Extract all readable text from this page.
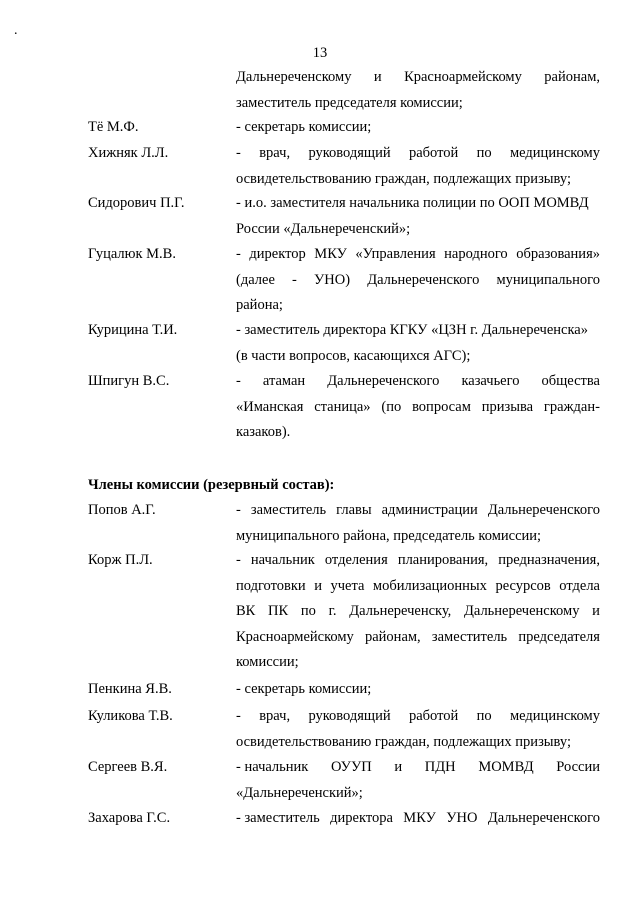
.
13
Дальнереченскому и Красноармейскому районам,
заместитель председателя комиссии;
Тё М.Ф.	- секретарь комиссии;
Хижняк Л.Л.	- врач, руководящий работой по медицинскому
освидетельствованию граждан, подлежащих призыву;
Сидорович П.Г.	- и.о. заместителя начальника полиции по ООП МОМВД
России «Дальнереченский»;
Гуцалюк М.В.	- директор МКУ «Управления народного образования»
(далее - УНО) Дальнереченского муниципального
района;
Курицина Т.И.	- заместитель директора КГКУ «ЦЗН г. Дальнереченска»
(в части вопросов, касающихся АГС);
Шпигун В.С.	- атаман Дальнереченского казачьего общества
«Иманская станица» (по вопросам призыва граждан-
казаков).
Члены комиссии (резервный состав):
Попов А.Г.	- заместитель главы администрации Дальнереченского
муниципального района, председатель комиссии;
Корж П.Л.	- начальник отделения планирования, предназначения,
подготовки и учета мобилизационных ресурсов отдела
ВК ПК по г. Дальнереченску, Дальнереченскому и
Красноармейскому районам, заместитель председателя
комиссии;
Пенкина Я.В.	- секретарь комиссии;
Куликова Т.В.	- врач, руководящий работой по медицинскому
освидетельствованию граждан, подлежащих призыву;
Сергеев В.Я.	- начальник ОУУП и ПДН МОМВД России
«Дальнереченский»;
Захарова Г.С.	- заместитель директора МКУ УНО Дальнереченского
